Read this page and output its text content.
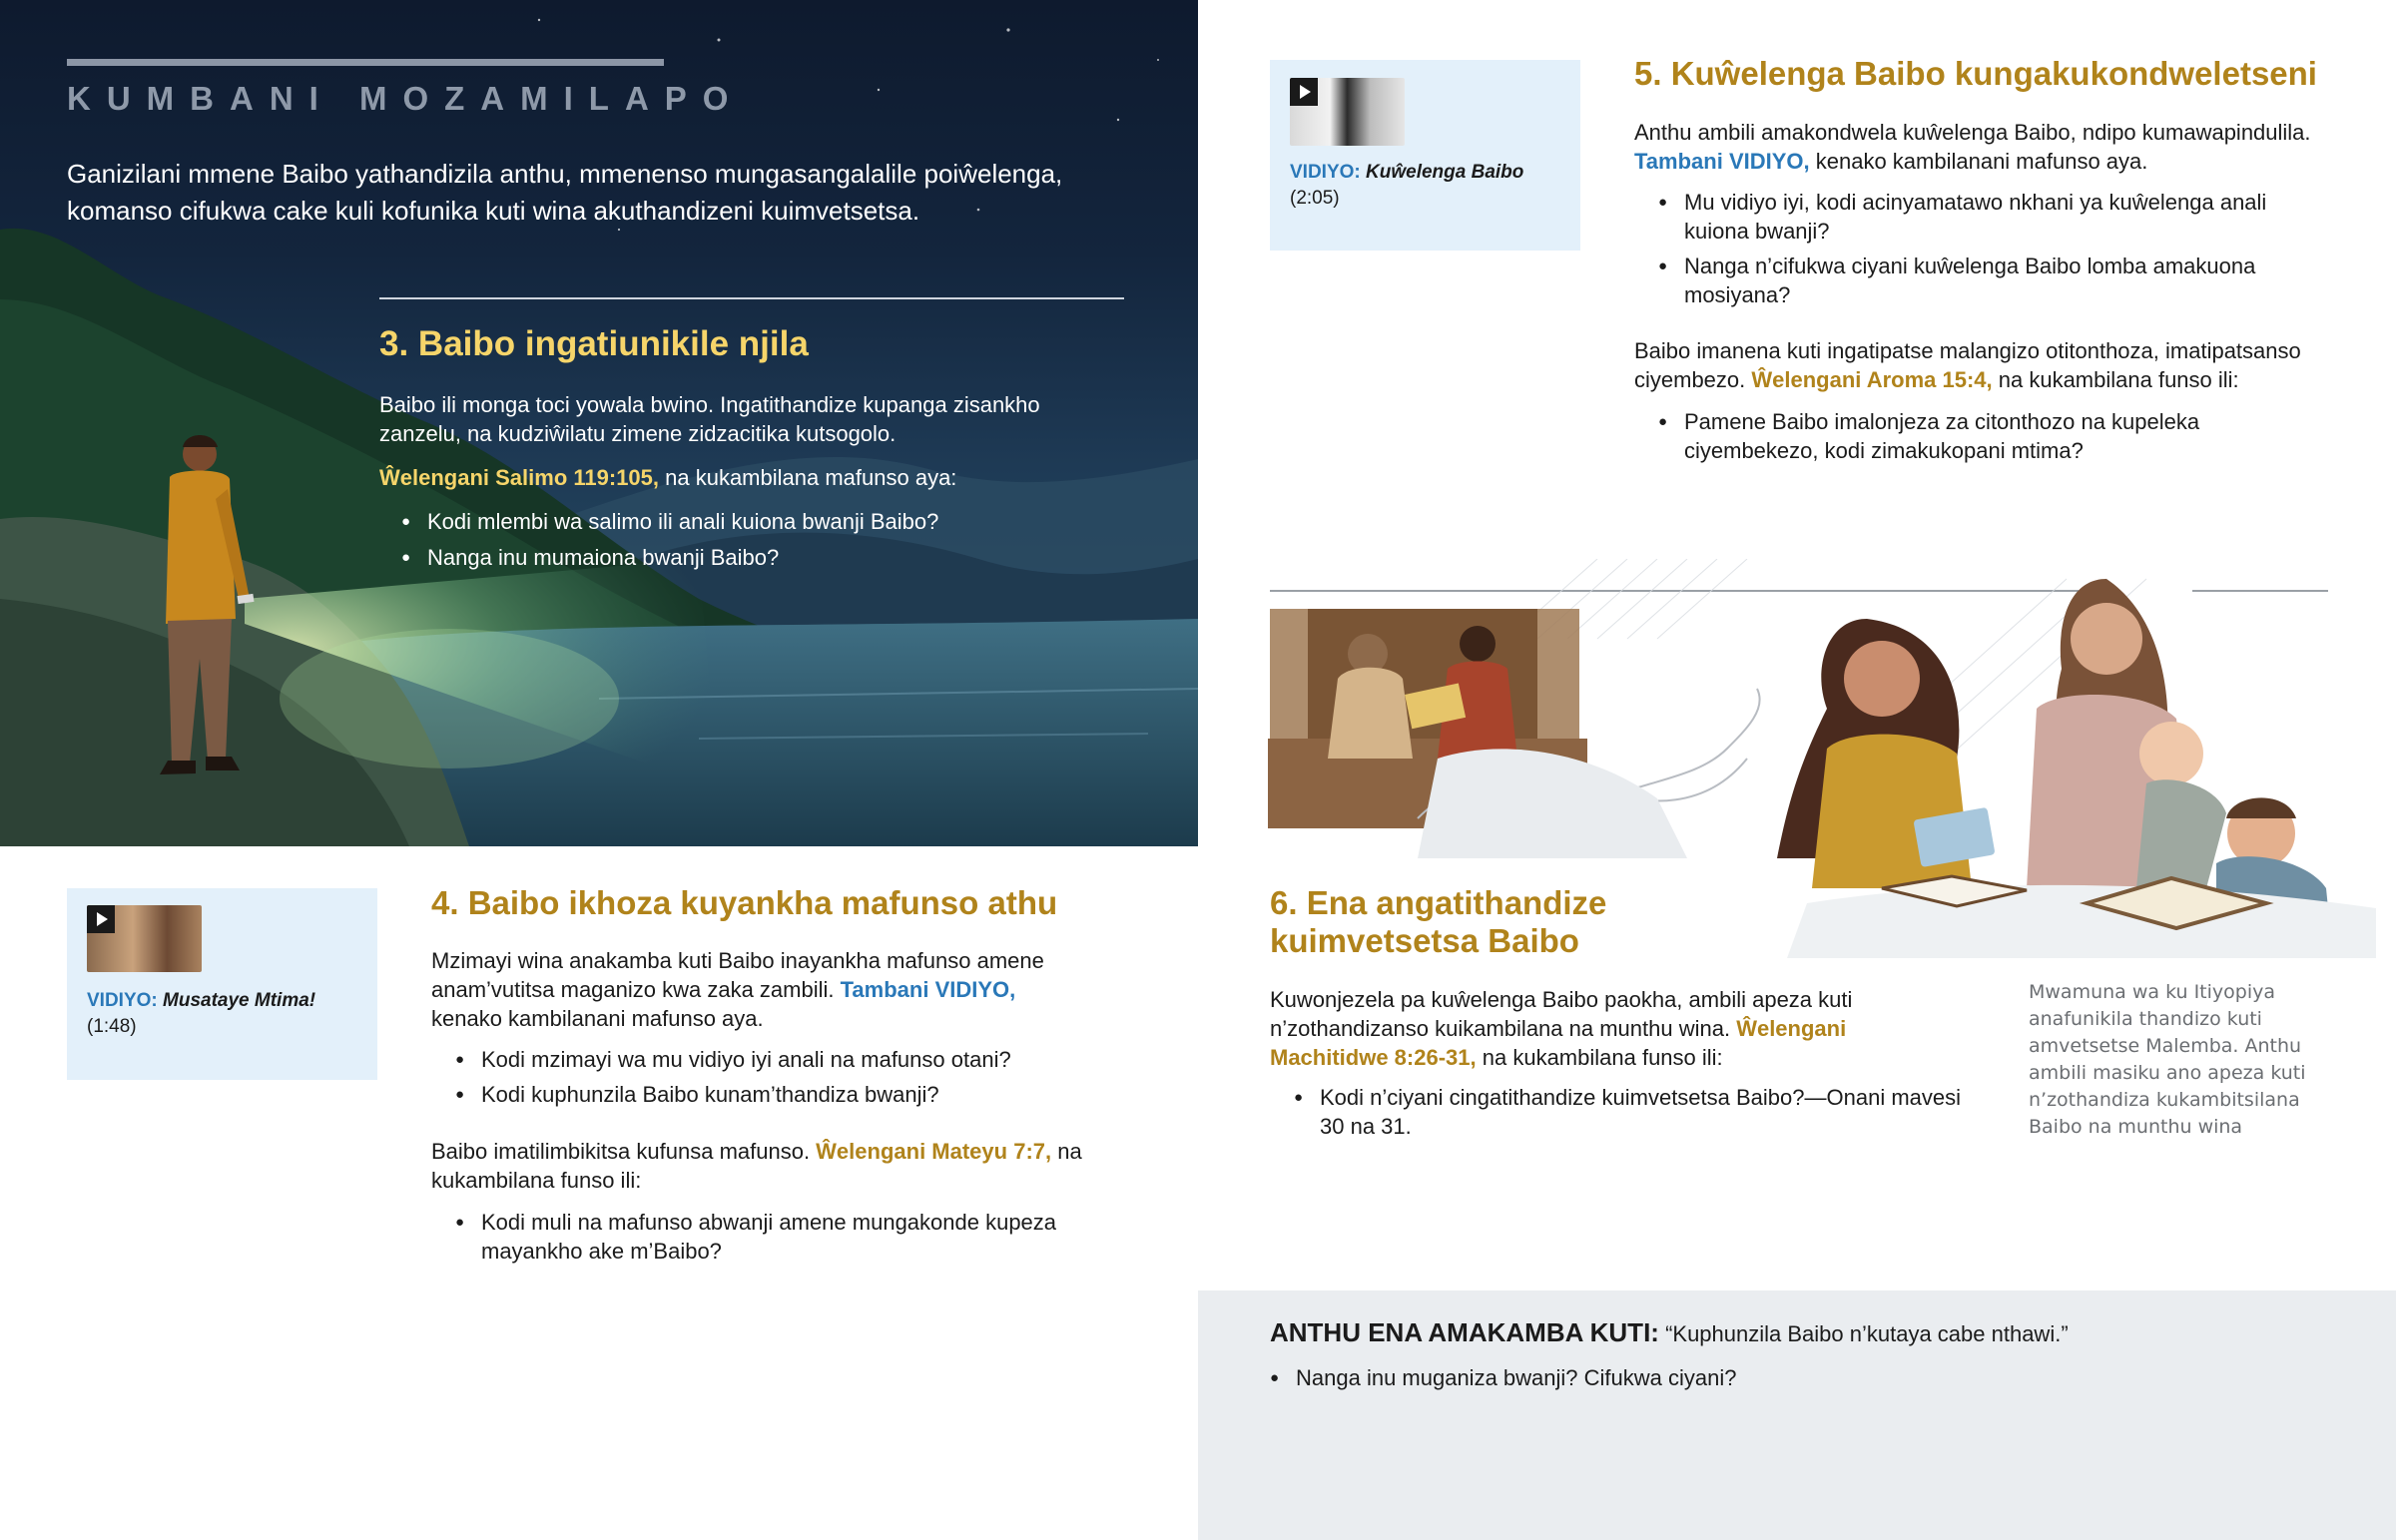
KUMBANI MOZAMILAPO
Ganizilani mmene Baibo yathandizila anthu, mmenenso mungasangalalile poiŵelenga, komanso cifukwa cake kuli kofunika kuti wina akuthandizeni kuimvetsetsa.
3. Baibo ingatiunikile njila
Baibo ili monga toci yowala bwino. Ingatithandize kupanga zisankho zanzelu, na kudziŵilatu zimene zidzacitika kutsogolo.
Ŵelengani Salimo 119:105, na kukambilana mafunso aya:
● Kodi mlembi wa salimo ili anali kuiona bwanji Baibo?
● Nanga inu mumaiona bwanji Baibo?
VIDIYO: Musataye Mtima!
(1:48)
4. Baibo ikhoza kuyankha mafunso athu
Mzimayi wina anakamba kuti Baibo inayankha mafunso amene anam’vutitsa maganizo kwa zaka zambili. Tambani VIDIYO, kenako kambilanani mafunso aya.
● Kodi mzimayi wa mu vidiyo iyi anali na mafunso otani?
● Kodi kuphunzila Baibo kunam’thandiza bwanji?
Baibo imatilimbikitsa kufunsa mafunso. Ŵelengani Mateyu 7:7, na kukambilana funso ili:
● Kodi muli na mafunso abwanji amene mungakonde kupeza mayankho ake m’Baibo?
VIDIYO: Kuŵelenga Baibo
(2:05)
5. Kuŵelenga Baibo kungakukondweletseni
Anthu ambili amakondwela kuŵelenga Baibo, ndipo kumawapindulila. Tambani VIDIYO, kenako kambilanani mafunso aya.
● Mu vidiyo iyi, kodi acinyamatawo nkhani ya kuŵelenga anali kuiona bwanji?
● Nanga n’cifukwa ciyani kuŵelenga Baibo lomba amakuona mosiyana?
Baibo imanena kuti ingatipatse malangizo otitonthoza, imatipatsanso ciyembezo. Ŵelengani Aroma 15:4, na kukambilana funso ili:
● Pamene Baibo imalonjeza za citonthozo na kupeleka ciyembekezo, kodi zimakukopani mtima?
6. Ena angatithandize
kuimvetsetsa Baibo
Kuwonjezela pa kuŵelenga Baibo paokha, ambili apeza kuti n’zothandizanso kuikambilana na munthu wina. Ŵelengani Machitidwe 8:26-31, na kukambilana funso ili:
● Kodi n’ciyani cingatithandize kuimvetsetsa Baibo?—Onani mavesi 30 na 31.
Mwamuna wa ku Itiyopiya anafunikila thandizo kuti amvetsetse Malemba. Anthu ambili masiku ano apeza kuti n’zothandiza kukambitsilana Baibo na munthu wina
ANTHU ENA AMAKAMBA KUTI: “Kuphunzila Baibo n’kutaya cabe nthawi.”
● Nanga inu muganiza bwanji? Cifukwa ciyani?
